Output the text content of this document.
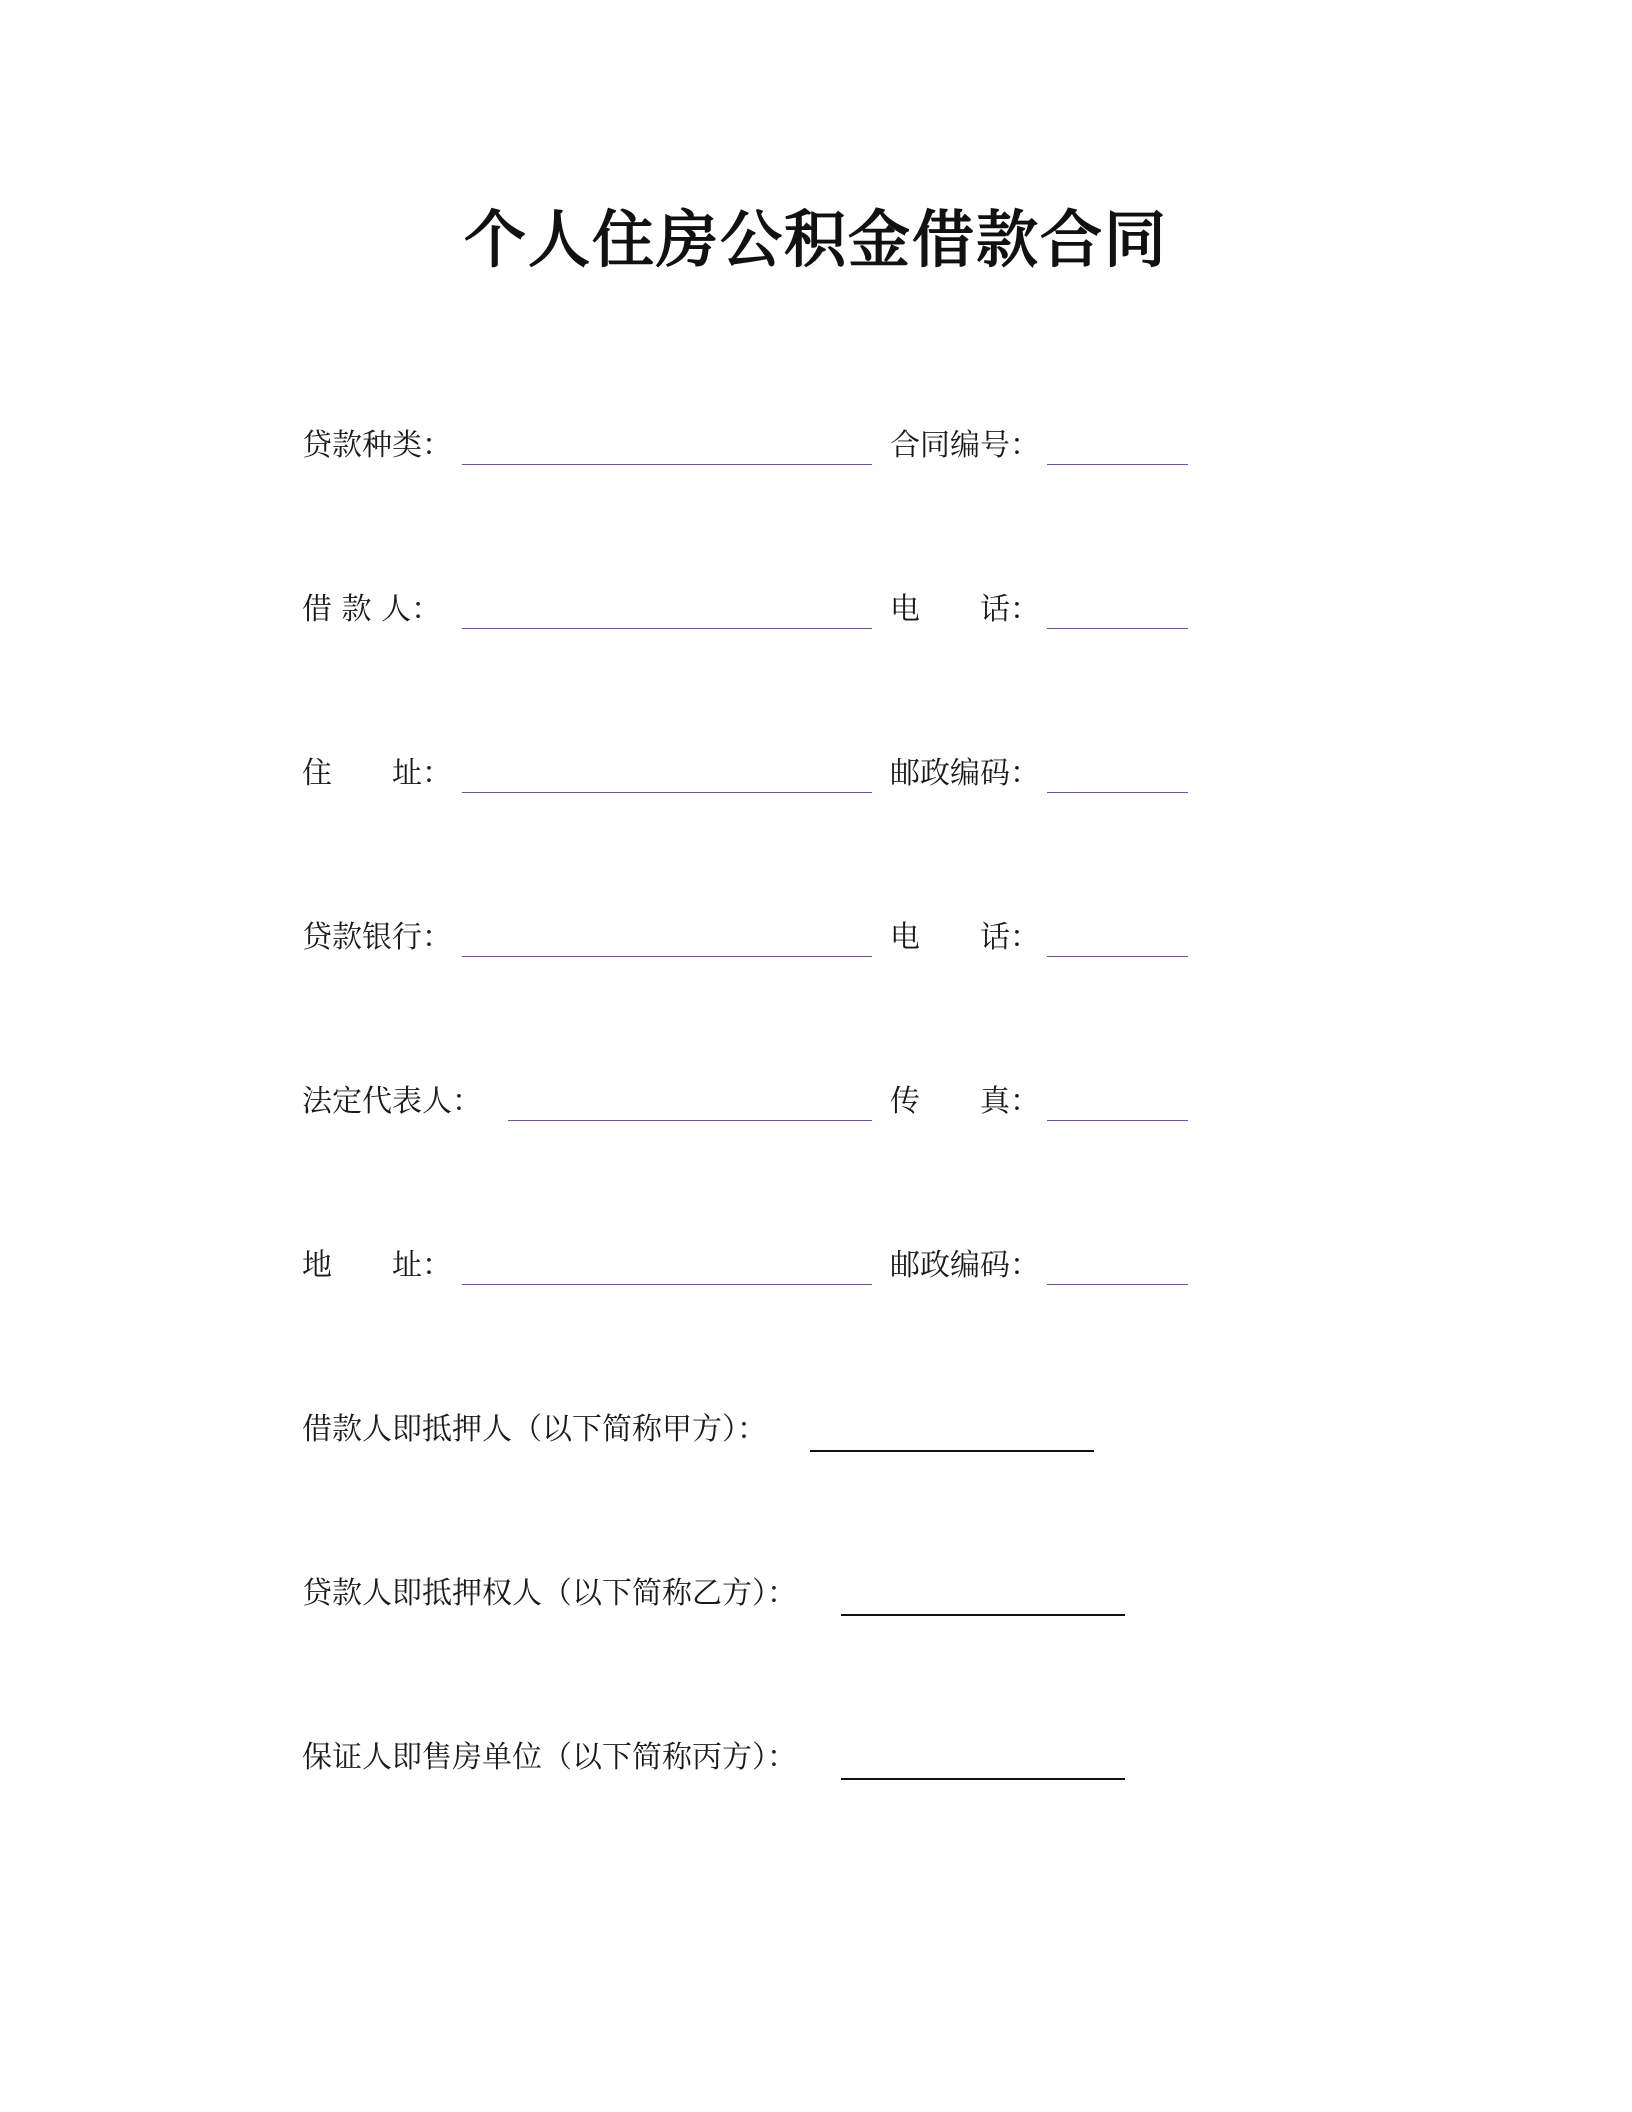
个人住房公积金借款合同
贷款种类：	合同编号：
借 款 人：	电　　话：
住　　址：	邮政编码：
贷款银行：	电　　话：
法定代表人：	传　　真：
地　　址：	邮政编码：
借款人即抵押人（以下简称甲方）：
贷款人即抵押权人（以下简称乙方）：
保证人即售房单位（以下简称丙方）：
